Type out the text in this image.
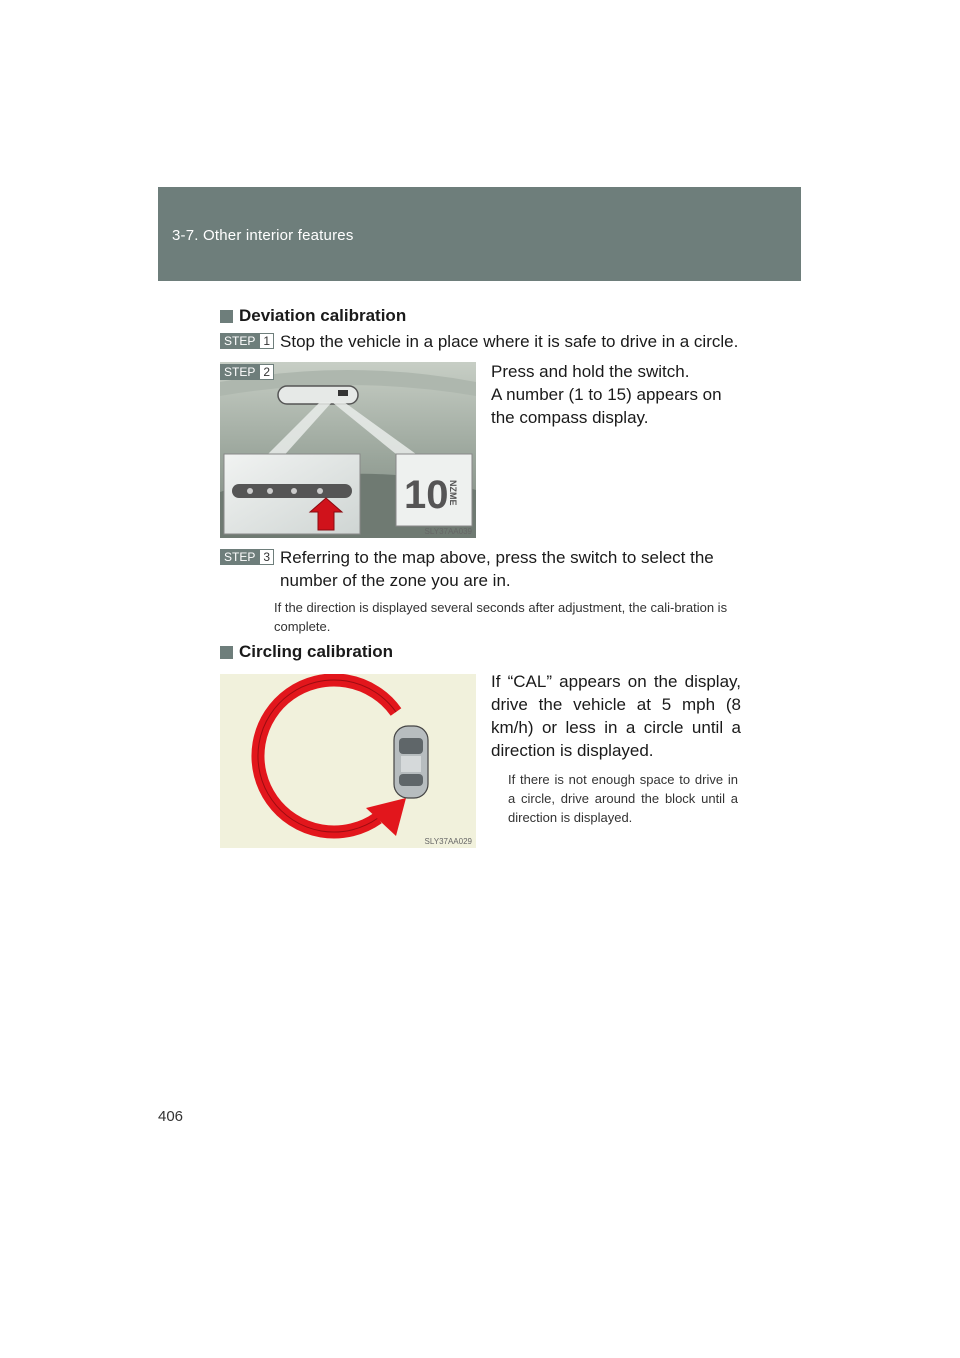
3-7. Other interior features
Deviation calibration
STEP 1 Stop the vehicle in a place where it is safe to drive in a circle.
10 NZME
SLY37AA039
STEP 2	Press and hold the switch.
A number (1 to 15) appears on the compass display.
STEP 3 Referring to the map above, press the switch to select the number of the zone you are in.
If the direction is displayed several seconds after adjustment, the cali-bration is complete.
Circling calibration
SLY37AA029
If “CAL” appears on the display, drive the vehicle at 5 mph (8 km/h) or less in a circle until a direction is displayed.
If there is not enough space to drive in a circle, drive around the block until a direction is displayed.
406
